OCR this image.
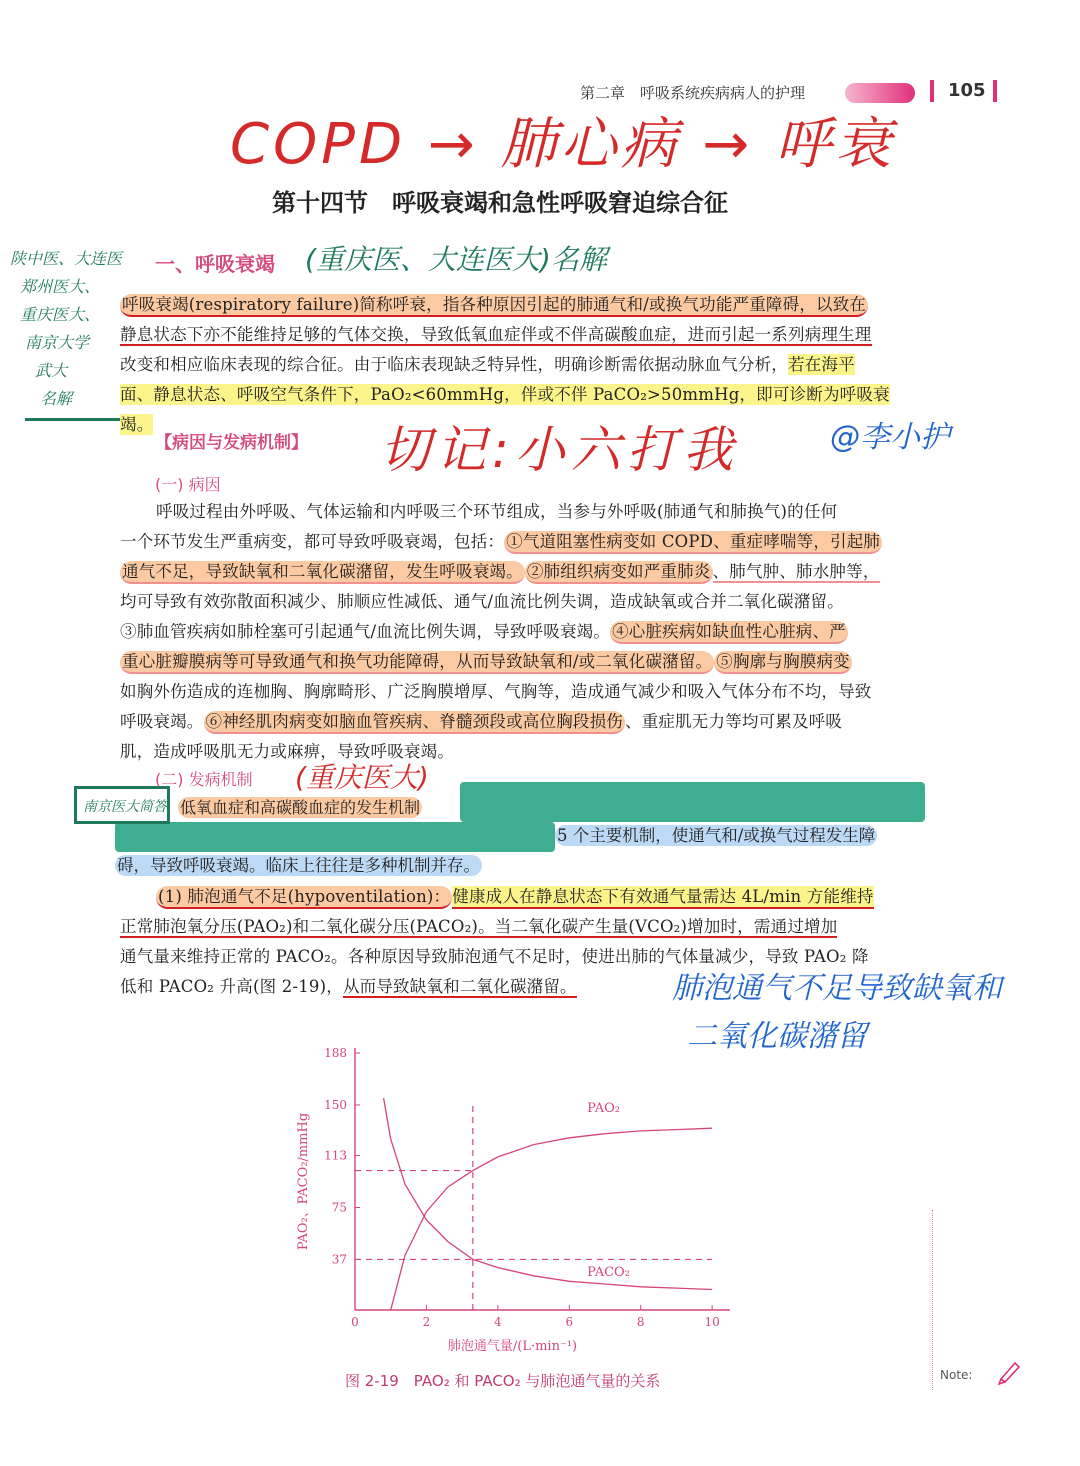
第二章　呼吸系统疾病病人的护理	105
COPD → 肺心病 → 呼衰
第十四节　呼吸衰竭和急性呼吸窘迫综合征
陕中医、大连医
郑州医大、
重庆医大、
南京大学
武大
名解
一、呼吸衰竭 (重庆医、大连医大)名解
呼吸衰竭(respiratory failure)简称呼衰，指各种原因引起的肺通气和/或换气功能严重障碍，以致在
静息状态下亦不能维持足够的气体交换，导致低氧血症伴或不伴高碳酸血症，进而引起一系列病理生理
改变和相应临床表现的综合征。由于临床表现缺乏特异性，明确诊断需依据动脉血气分析，若在海平
面、静息状态、呼吸空气条件下，PaO₂<60mmHg，伴或不伴 PaCO₂>50mmHg，即可诊断为呼吸衰竭。
【病因与发病机制】 切记:小六打我	@李小护
(一) 病因
呼吸过程由外呼吸、气体运输和内呼吸三个环节组成，当参与外呼吸(肺通气和肺换气)的任何
一个环节发生严重病变，都可导致呼吸衰竭，包括： ①气道阻塞性病变如 COPD、重症哮喘等，引起肺
通气不足，导致缺氧和二氧化碳潴留，发生呼吸衰竭。 ②肺组织病变如严重肺炎 、肺气肿、肺水肿等，
均可导致有效弥散面积减少、肺顺应性减低、通气/血流比例失调，造成缺氧或合并二氧化碳潴留。
③肺血管疾病如肺栓塞可引起通气/血流比例失调，导致呼吸衰竭。 ④心脏疾病如缺血性心脏病、严
重心脏瓣膜病等可导致通气和换气功能障碍，从而导致缺氧和/或二氧化碳潴留。 ⑤胸廓与胸膜病变
如胸外伤造成的连枷胸、胸廓畸形、广泛胸膜增厚、气胸等，造成通气减少和吸入气体分布不均，导致
呼吸衰竭。 ⑥神经肌肉病变如脑血管疾病、脊髓颈段或高位胸段损伤 、重症肌无力等均可累及呼吸
肌，造成呼吸肌无力或麻痹，导致呼吸衰竭。
(二) 发病机制 (重庆医大)
南京医大简答 低氧血症和高碳酸血症的发生机制
5 个主要机制，使通气和/或换气过程发生障
碍，导致呼吸衰竭。临床上往往是多种机制并存。
(1) 肺泡通气不足(hypoventilation)： 健康成人在静息状态下有效通气量需达 4L/min 方能维持
正常肺泡氧分压(PAO₂)和二氧化碳分压(PACO₂)。当二氧化碳产生量(VCO₂)增加时，需通过增加
通气量来维持正常的 PACO₂。各种原因导致肺泡通气不足时，使进出肺的气体量减少，导致 PAO₂ 降
低和 PACO₂ 升高(图 2-19)，从而导致缺氧和二氧化碳潴留。	肺泡通气不足导致缺氧和
二氧化碳潴留
0	2	4	6	8	10
37
75
113
150
188
肺泡通气量/(L·min⁻¹)
PAO₂、PACO₂/mmHg
PAO₂
PACO₂
图 2-19　PAO₂ 和 PACO₂ 与肺泡通气量的关系	Note:
